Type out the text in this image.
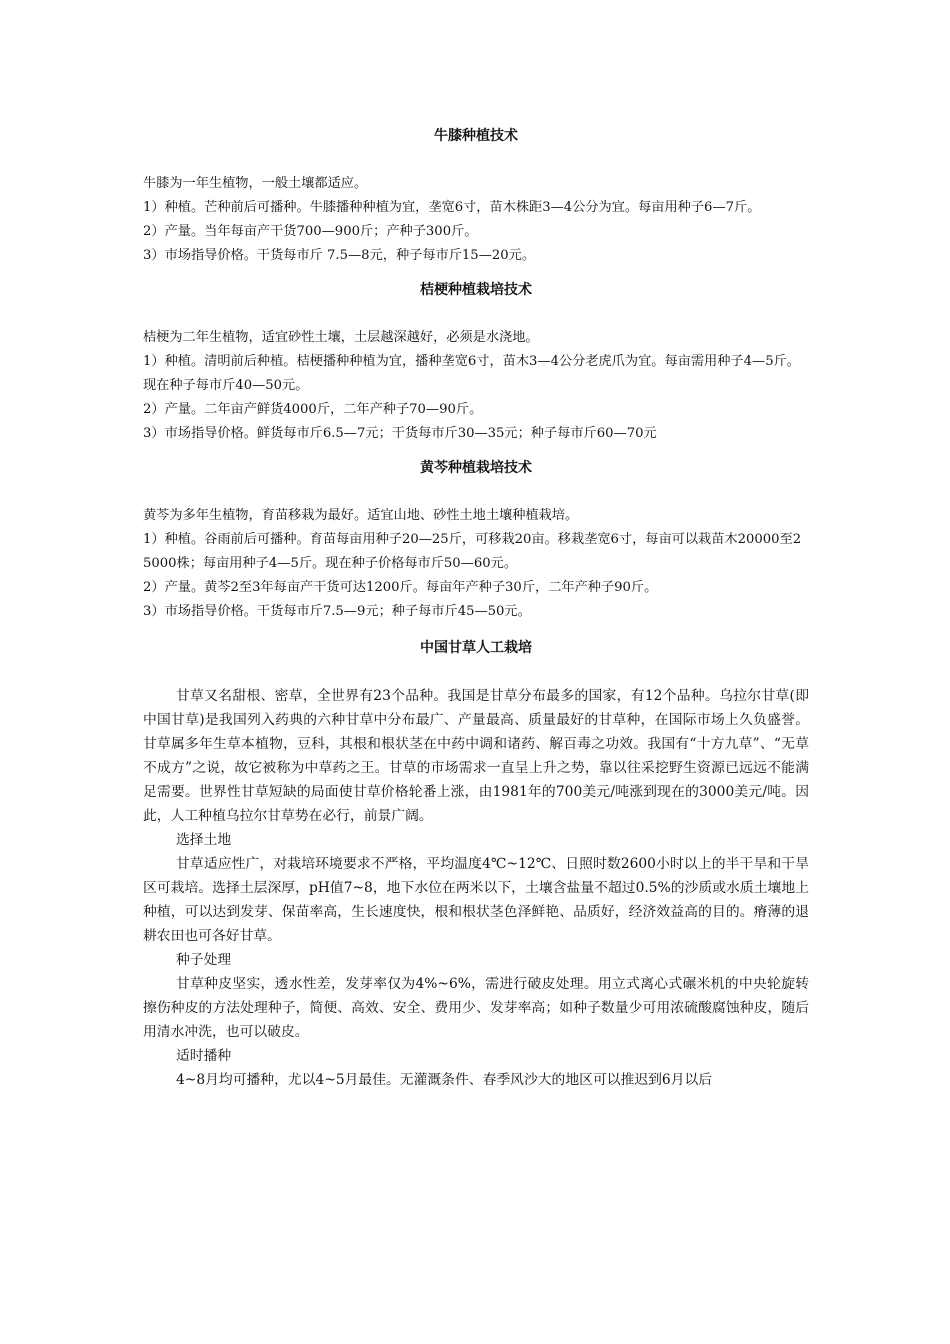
牛膝种植技术

牛膝为一年生植物，一般土壤都适应。

1）种植。芒种前后可播种。牛膝播种种植为宜，垄宽6寸，苗木株距3—4公分为宜。每亩用种子6—7斤。

2）产量。当年每亩产干货700—900斤；产种子300斤。

3）市场指导价格。干货每市斤 7.5—8元，种子每市斤15—20元。

桔梗种植栽培技术

桔梗为二年生植物，适宜砂性土壤，土层越深越好，必须是水浇地。

1）种植。清明前后种植。桔梗播种种植为宜，播种垄宽6寸，苗木3—4公分老虎爪为宜。每亩需用种子4—5斤。现在种子每市斤40—50元。

2）产量。二年亩产鲜货4000斤，二年产种子70—90斤。

3）市场指导价格。鲜货每市斤6.5—7元；干货每市斤30—35元；种子每市斤60—70元

黄芩种植栽培技术

黄芩为多年生植物，育苗移栽为最好。适宜山地、砂性土地土壤种植栽培。

1）种植。谷雨前后可播种。育苗每亩用种子20—25斤，可移栽20亩。移栽垄宽6寸，每亩可以栽苗木20000至25000株；每亩用种子4—5斤。现在种子价格每市斤50—60元。

2）产量。黄芩2至3年每亩产干货可达1200斤。每亩年产种子30斤，二年产种子90斤。

3）市场指导价格。干货每市斤7.5—9元；种子每市斤45—50元。

中国甘草人工栽培

甘草又名甜根、密草，全世界有23个品种。我国是甘草分布最多的国家，有12个品种。乌拉尔甘草(即中国甘草)是我国列入药典的六种甘草中分布最广、产量最高、质量最好的甘草种，在国际市场上久负盛誉。甘草属多年生草本植物，豆科，其根和根状茎在中药中调和诸药、解百毒之功效。我国有“十方九草”、“无草不成方”之说，故它被称为中草药之王。甘草的市场需求一直呈上升之势，靠以往采挖野生资源已远远不能满足需要。世界性甘草短缺的局面使甘草价格轮番上涨，由1981年的700美元/吨涨到现在的3000美元/吨。因此，人工种植乌拉尔甘草势在必行，前景广阔。

选择土地

甘草适应性广，对栽培环境要求不严格，平均温度4℃~12℃、日照时数2600小时以上的半干旱和干旱区可栽培。选择土层深厚，pH值7~8，地下水位在两米以下，土壤含盐量不超过0.5%的沙质或水质土壤地上种植，可以达到发芽、保苗率高，生长速度快，根和根状茎色泽鲜艳、品质好，经济效益高的目的。瘠薄的退耕农田也可各好甘草。

种子处理

甘草种皮坚实，透水性差，发芽率仅为4%~6%，需进行破皮处理。用立式离心式碾米机的中央轮旋转擦伤种皮的方法处理种子，简便、高效、安全、费用少、发芽率高；如种子数量少可用浓硫酸腐蚀种皮，随后用清水冲洗，也可以破皮。

适时播种

4~8月均可播种，尤以4~5月最佳。无灌溉条件、春季风沙大的地区可以推迟到6月以后
